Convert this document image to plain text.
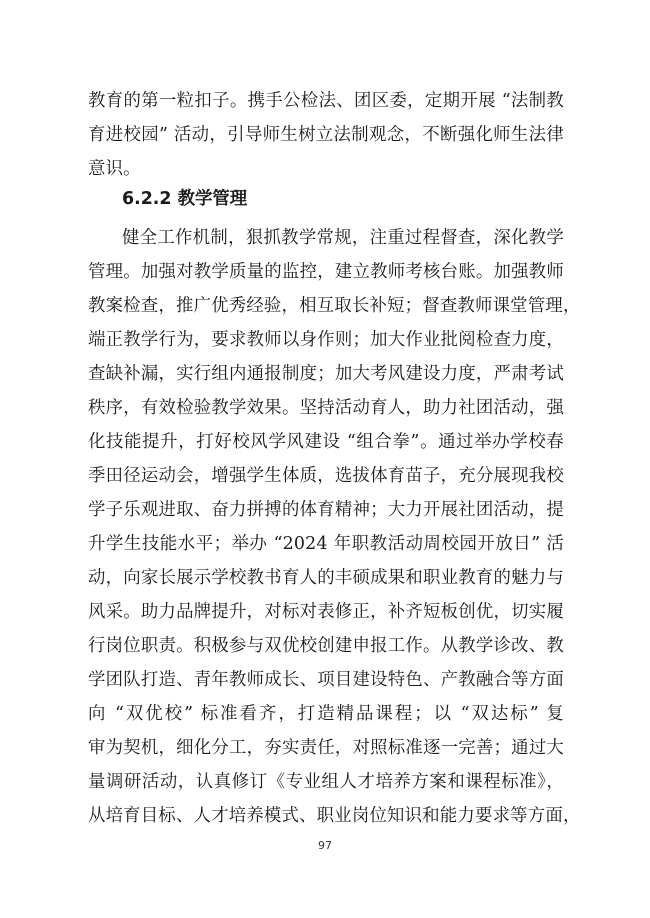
教育的第一粒扣子。携手公检法、团区委，定期开展 “法制教
育进校园” 活动，引导师生树立法制观念，不断强化师生法律
意识。
6.2.2 教学管理
健全工作机制，狠抓教学常规，注重过程督查，深化教学
管理。加强对教学质量的监控，建立教师考核台账。加强教师
教案检查，推广优秀经验，相互取长补短；督查教师课堂管理，
端正教学行为，要求教师以身作则；加大作业批阅检查力度，
查缺补漏，实行组内通报制度；加大考风建设力度，严肃考试
秩序，有效检验教学效果。坚持活动育人，助力社团活动，强
化技能提升，打好校风学风建设 “组合拳”。通过举办学校春
季田径运动会，增强学生体质，选拔体育苗子，充分展现我校
学子乐观进取、奋力拼搏的体育精神；大力开展社团活动，提
升学生技能水平；举办 “2024 年职教活动周校园开放日” 活
动，向家长展示学校教书育人的丰硕成果和职业教育的魅力与
风采。助力品牌提升，对标对表修正，补齐短板创优，切实履
行岗位职责。积极参与双优校创建申报工作。从教学诊改、教
学团队打造、青年教师成长、项目建设特色、产教融合等方面
向 “双优校” 标准看齐，打造精品课程；以 “双达标” 复
审为契机，细化分工，夯实责任，对照标准逐一完善；通过大
量调研活动，认真修订《专业组人才培养方案和课程标准》，
从培育目标、人才培养模式、职业岗位知识和能力要求等方面，
97
